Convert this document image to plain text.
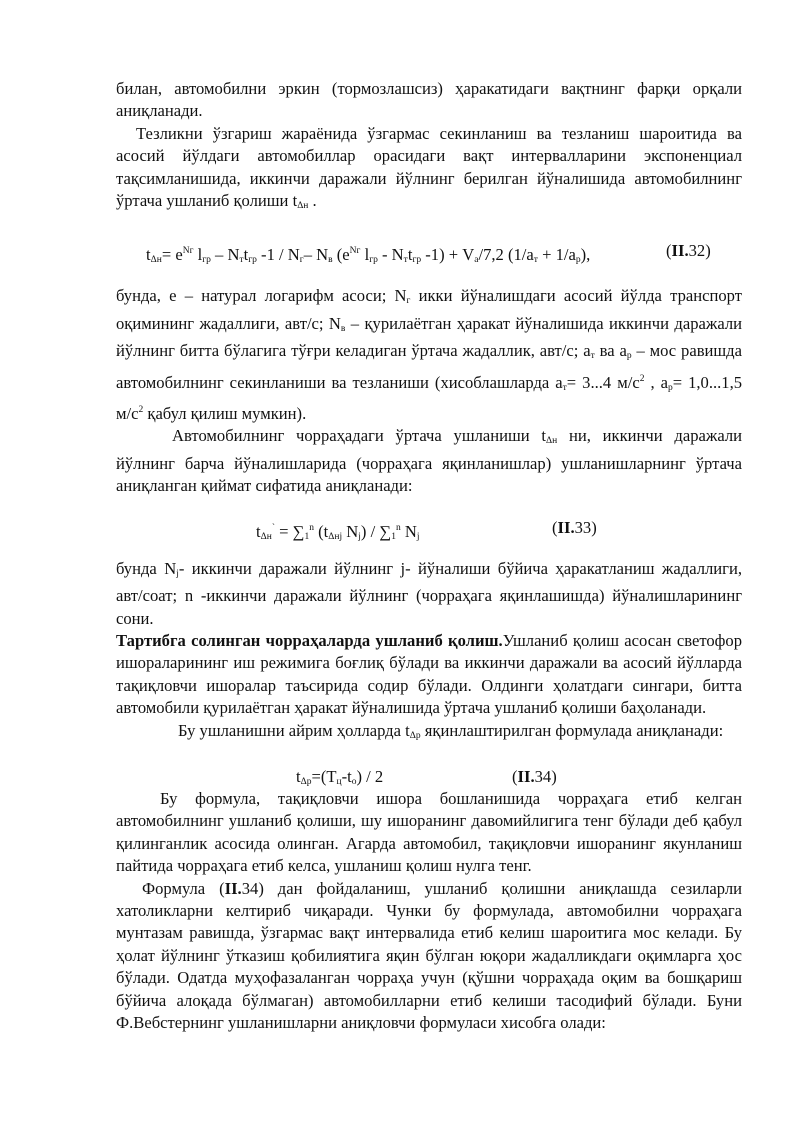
билан, автомобилни эркин (тормозлашсиз) ҳаракатидаги вақтнинг фарқи орқали аниқланади.

Тезликни ўзгариш жараёнида ўзгармас секинланиш ва тезланиш шароитида ва асосий йўлдаги автомобиллар орасидаги вақт интервалларини экспоненциал тақсимланишида, иккинчи даражали йўлнинг берилган йўналишида автомобилнинг ўртача ушланиб қолиши $t_{\Delta н}$ .

$t_{\Delta н}= e^{Nг}$ $l_{гр} - N_тt_{гр}$ $-1 / N_г-$ $N_в$ ($e^{Nг}$ $l_{гр} - N_тt_{гр}$ $-1) + V_а/7,2$ $(1/a_т + 1/a_р)$,	(II.32)

бунда, е – натурал логарифм асоси; $N_г$ икки йўналишдаги асосий йўлда транспорт оқимининг жадаллиги, авт/с; $N_в$ – қурилаётган ҳаракат йўналишида иккинчи даражали йўлнинг битта бўлагига тўғри келадиган ўртача жадаллик, авт/с; $а_т$ ва $а_р$ – мос равишда автомобилнинг секинланиши ва тезланиши (хисоблашларда $а_т= 3...4$ $м/с^2$ , $а_р= 1,0...1,5$ $м/с^2$ қабул қилиш мумкин).

Автомобилнинг чорраҳадаги ўртача ушланиши $t_{\Delta н}$ ни, иккинчи даражали йўлнинг барча йўналишларида (чорраҳага яқинланишлар) ушланишларнинг ўртача аниқланган қиймат сифатида аниқланади:

$t_{\Delta н}^` = \sum_1^n$ ($t_{\Delta нj}$ $N_j) / \sum_1^n$ $N_j$	(II.33)

бунда $N_j-$ иккинчи даражали йўлнинг j- йўналиши бўйича ҳаракатланиш жадаллиги, авт/соат; n -иккинчи даражали йўлнинг (чорраҳага яқинлашишда) йўналишларининг сони.

Тартибга солинган чорраҳаларда ушланиб қолиш.Ушланиб қолиш асосан светофор ишораларининг иш режимига боғлиқ бўлади ва иккинчи даражали ва асосий йўлларда тақиқловчи ишоралар таъсирида содир бўлади. Олдинги ҳолатдаги сингари, битта автомобили қурилаётган ҳаракат йўналишида ўртача ушланиб қолиши баҳоланади.

Бу ушланишни айрим ҳолларда $t_{\Delta р}$ яқинлаштирилган формулада аниқланади:

$t_{\Delta р}=(Т_ц-t_о) / 2$	(II.34)

Бу формула, тақиқловчи ишора бошланишида чорраҳага етиб келган автомобилнинг ушланиб қолиши, шу ишоранинг давомийлигига тенг бўлади деб қабул қилинганлик асосида олинган. Агарда автомобил, тақиқловчи ишоранинг якунланиш пайтида чорраҳага етиб келса, ушланиш қолиш нулга тенг.

Формула (II.34) дан фойдаланиш, ушланиб қолишни аниқлашда сезиларли хатоликларни келтириб чиқаради. Чунки бу формулада, автомобилни чорраҳага мунтазам равишда, ўзгармас вақт интервалида етиб келиш шароитига мос келади. Бу ҳолат йўлнинг ўтказиш қобилиятига яқин бўлган юқори жадалликдаги оқимларга ҳос бўлади. Одатда муҳофазаланган чорраҳа учун (қўшни чорраҳада оқим ва бошқариш бўйича алоқада бўлмаган) автомобилларни етиб келиши тасодифий бўлади. Буни Ф.Вебстернинг ушланишларни аниқловчи формуласи хисобга олади:
